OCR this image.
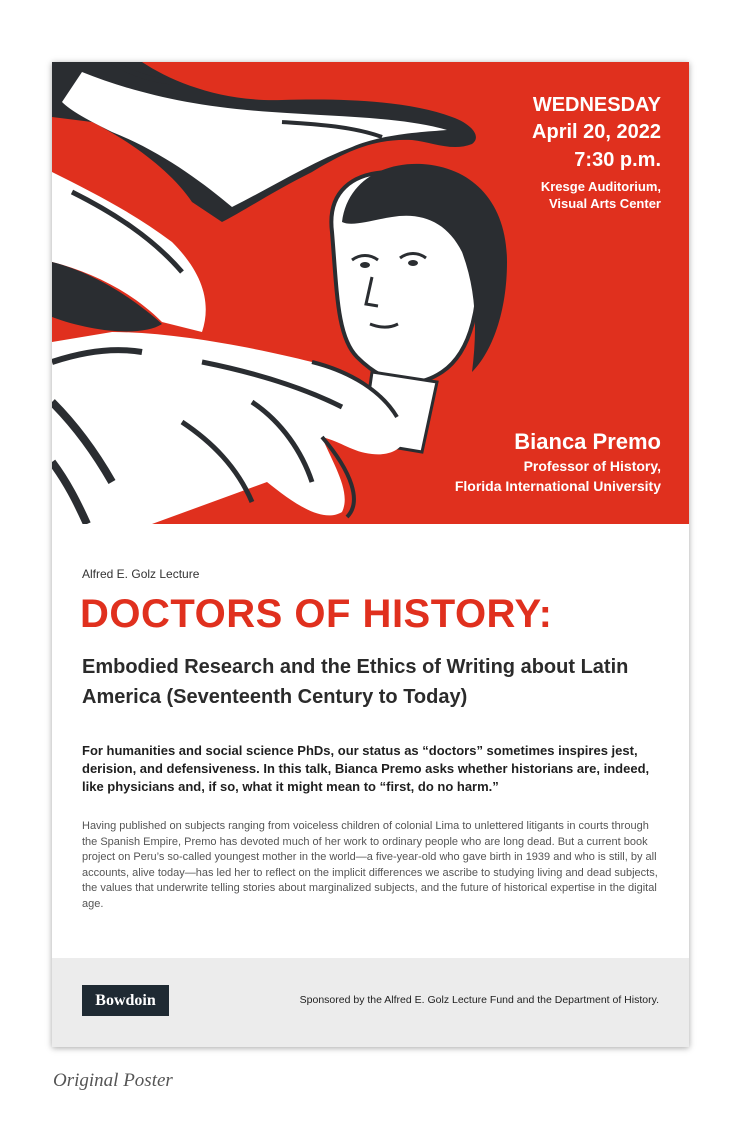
WEDNESDAY
April 20, 2022
7:30 p.m.
Kresge Auditorium,
Visual Arts Center
Bianca Premo
Professor of History,
Florida International University
Alfred E. Golz Lecture
DOCTORS OF HISTORY:
Embodied Research and the Ethics of Writing about Latin America (Seventeenth Century to Today)
For humanities and social science PhDs, our status as “doctors” sometimes inspires jest, derision, and defensiveness. In this talk, Bianca Premo asks whether historians are, indeed, like physicians and, if so, what it might mean to “first, do no harm.”
Having published on subjects ranging from voiceless children of colonial Lima to unlettered litigants in courts through the Spanish Empire, Premo has devoted much of her work to ordinary people who are long dead. But a current book project on Peru’s so-called youngest mother in the world—a five-year-old who gave birth in 1939 and who is still, by all accounts, alive today—has led her to reflect on the implicit differences we ascribe to studying living and dead subjects, the values that underwrite telling stories about marginalized subjects, and the future of historical expertise in the digital age.
Bowdoin	Sponsored by the Alfred E. Golz Lecture Fund and the Department of History.
Original Poster
